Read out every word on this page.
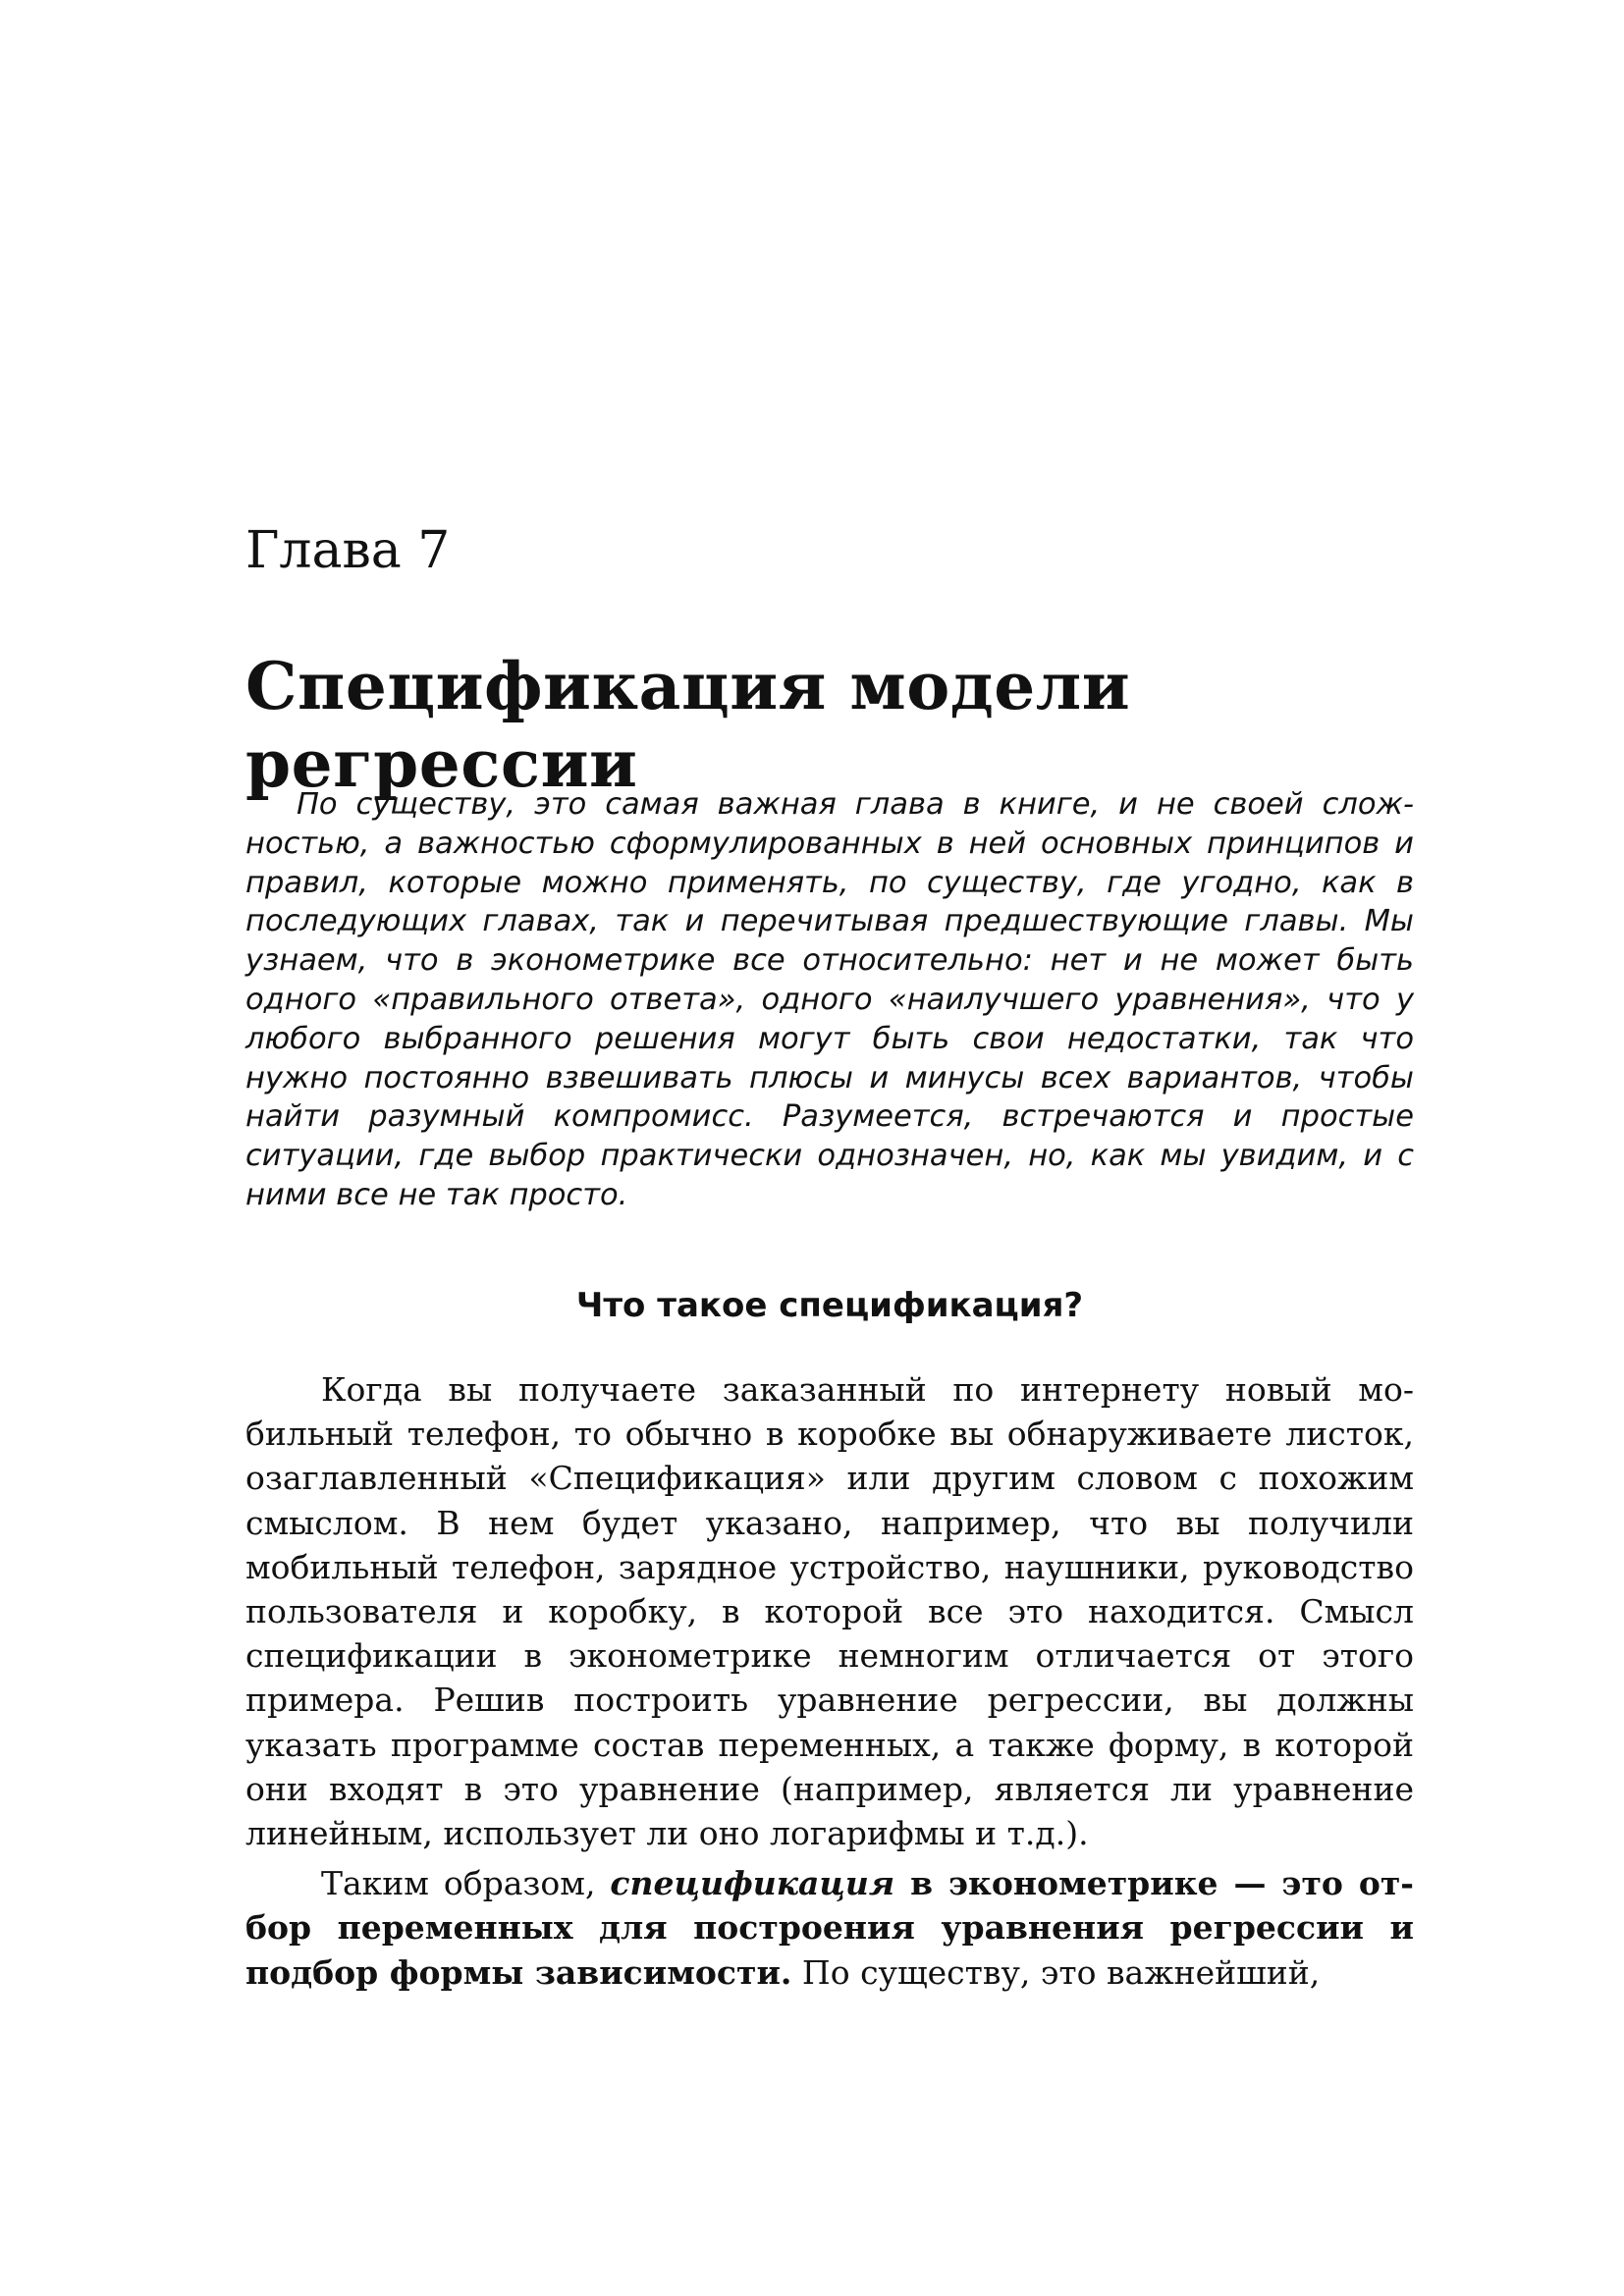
Глава 7
Спецификация модели регрессии

По существу, это самая важная глава в книге, и не своей сложностью, а важностью сформулированных в ней основных принципов и правил, которые можно применять, по существу, где угодно, как в последующих главах, так и перечитывая предшествующие главы. Мы узнаем, что в эконометрике все относительно: нет и не может быть одного «правильного ответа», одного «наилучшего уравнения», что у любого выбранного решения могут быть свои недостатки, так что нужно постоянно взвешивать плюсы и минусы всех вариантов, чтобы найти разумный компромисс. Разумеется, встречаются и простые ситуации, где выбор практически однозначен, но, как мы увидим, и с ними все не так просто.

Что такое спецификация?

Когда вы получаете заказанный по интернету новый мобильный телефон, то обычно в коробке вы обнаруживаете листок, озаглавленный «Спецификация» или другим словом с похожим смыслом. В нем будет указано, например, что вы получили мобильный телефон, зарядное устройство, наушники, руководство пользователя и коробку, в которой все это находится. Смысл спецификации в эконометрике немногим отличается от этого примера. Решив построить уравнение регрессии, вы должны указать программе состав переменных, а также форму, в которой они входят в это уравнение (например, является ли уравнение линейным, использует ли оно логарифмы и т.д.).

Таким образом, спецификация в эконометрике — это отбор переменных для построения уравнения регрессии и подбор формы зависимости. По существу, это важнейший,
